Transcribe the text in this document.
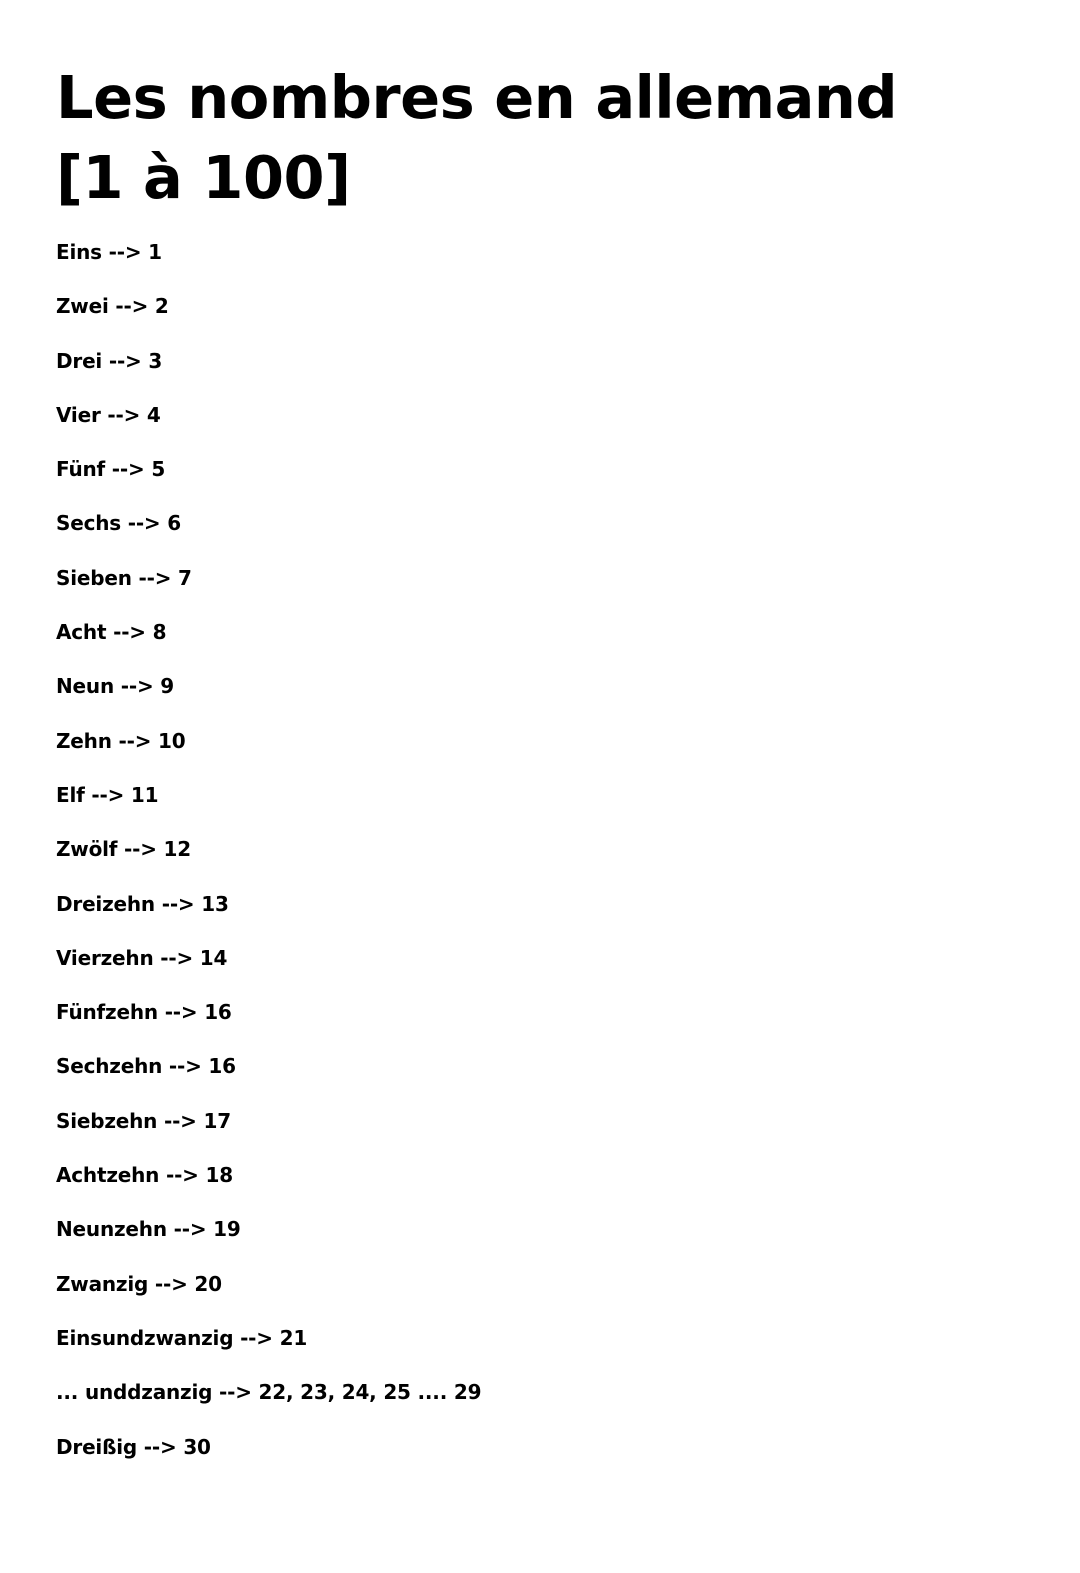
Les nombres en allemand [1 à 100]
Eins --> 1
Zwei --> 2
Drei --> 3
Vier --> 4
Fünf --> 5
Sechs --> 6
Sieben --> 7
Acht --> 8
Neun --> 9
Zehn --> 10
Elf --> 11
Zwölf --> 12
Dreizehn --> 13
Vierzehn --> 14
Fünfzehn --> 16
Sechzehn --> 16
Siebzehn --> 17
Achtzehn --> 18
Neunzehn --> 19
Zwanzig --> 20
Einsundzwanzig --> 21
... unddzanzig --> 22, 23, 24, 25 .... 29
Dreißig --> 30
